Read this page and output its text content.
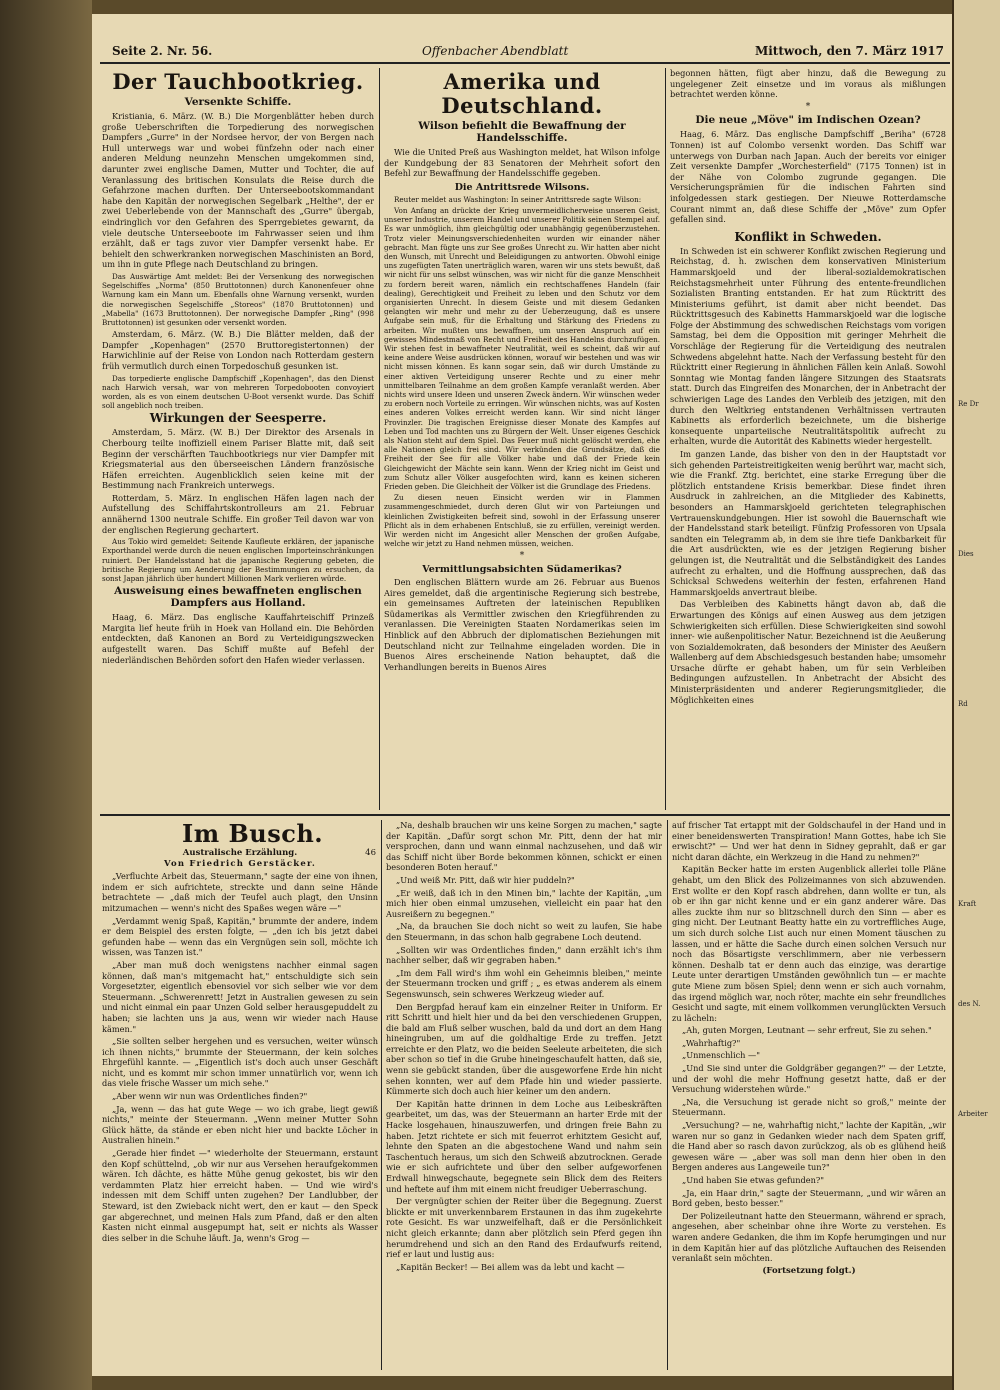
Seite 2. Nr. 56.	Offenbacher Abendblatt	Mittwoch, den 7. März 1917
Der Tauchbootkrieg.
Versenkte Schiffe.

Kristiania, 6. März. (W. B.) Die Morgenblätter heben durch große Ueberschriften die Torpedierung des norwegischen Dampfers „Gurre" in der Nordsee hervor, der von Bergen nach Hull unterwegs war und wobei fünfzehn oder nach einer anderen Meldung neunzehn Menschen umgekommen sind, darunter zwei englische Damen, Mutter und Tochter, die auf Veranlassung des britischen Konsulats die Reise durch die Gefahrzone machen durften. Der Unterseebootskommandant habe den Kapitän der norwegischen Segelbark „Helthe", der er zwei Ueberlebende von der Mannschaft des „Gurre" übergab, eindringlich vor den Gefahren des Sperrgebietes gewarnt, da viele deutsche Unterseeboote im Fahrwasser seien und ihm erzählt, daß er tags zuvor vier Dampfer versenkt habe. Er behielt den schwerkranken norwegischen Maschinisten an Bord, um ihn in gute Pflege nach Deutschland zu bringen.

Das Auswärtige Amt meldet: Bei der Versenkung des norwegischen Segelschiffes „Norma" (850 Bruttotonnen) durch Kanonenfeuer ohne Warnung kam ein Mann um. Ebenfalls ohne Warnung versenkt, wurden die norwegischen Segelschiffe „Storeos" (1870 Bruttotonnen) und „Mabella" (1673 Bruttotonnen). Der norwegische Dampfer „Ring" (998 Bruttotonnen) ist gesunken oder versenkt worden.

Amsterdam, 6. März. (W. B.) Die Blätter melden, daß der Dampfer „Kopenhagen" (2570 Bruttoregistertonnen) der Harwichlinie auf der Reise von London nach Rotterdam gestern früh vermutlich durch einen Torpedoschuß gesunken ist.

Das torpedierte englische Dampfschiff „Kopenhagen", das den Dienst nach Harwich versah, war von mehreren Torpedobooten convoyiert worden, als es von einem deutschen U-Boot versenkt wurde. Das Schiff soll angeblich noch treiben.

Wirkungen der Seesperre.

Amsterdam, 5. März. (W. B.) Der Direktor des Arsenals in Cherbourg teilte inoffiziell einem Pariser Blatte mit, daß seit Beginn der verschärften Tauchbootkriegs nur vier Dampfer mit Kriegsmaterial aus den überseeischen Ländern französische Häfen erreichten. Augenblicklich seien keine mit der Bestimmung nach Frankreich unterwegs.

Rotterdam, 5. März. In englischen Häfen lagen nach der Aufstellung des Schiffahrtskontrolleurs am 21. Februar annähernd 1300 neutrale Schiffe. Ein großer Teil davon war von der englischen Regierung gechartert.

Aus Tokio wird gemeldet: Seitende Kaufleute erklären, der japanische Exporthandel werde durch die neuen englischen Importeinschränkungen ruiniert. Der Handelsstand hat die japanische Regierung gebeten, die britische Regierung um Aenderung der Bestimmungen zu ersuchen, da sonst Japan jährlich über hundert Millionen Mark verlieren würde.

Ausweisung eines bewaffneten englischen Dampfers aus Holland.

Haag, 6. März. Das englische Kauffahrteischiff Prinzeß Margita lief heute früh in Hoek van Holland ein. Die Behörden entdeckten, daß Kanonen an Bord zu Verteidigungszwecken aufgestellt waren. Das Schiff mußte auf Befehl der niederländischen Behörden sofort den Hafen wieder verlassen.

Amerika und Deutschland.
Wilson befiehlt die Bewaffnung der Handelsschiffe.

Wie die United Preß aus Washington meldet, hat Wilson infolge der Kundgebung der 83 Senatoren der Mehrheit sofort den Befehl zur Bewaffnung der Handelsschiffe gegeben.

Die Antrittsrede Wilsons.

Reuter meldet aus Washington: In seiner Antrittsrede sagte Wilson:

Von Anfang an drückte der Krieg unvermeidlicherweise unseren Geist, unserer Industrie, unserem Handel und unserer Politik seinen Stempel auf. Es war unmöglich, ihm gleichgültig oder unabhängig gegenüberzustehen. Trotz vieler Meinungsverschiedenheiten wurden wir einander näher gebracht. Man fügte uns zur See großes Unrecht zu. Wir hatten aber nicht den Wunsch, mit Unrecht und Beleidigungen zu antworten. Obwohl einige uns zugefügten Taten unerträglich waren, waren wir uns stets bewußt, daß wir nicht für uns selbst wünschen, was wir nicht für die ganze Menschheit zu fordern bereit waren, nämlich ein rechtschaffenes Handeln (fair dealing), Gerechtigkeit und Freiheit zu leben und den Schutz vor dem organisierten Unrecht. In diesem Geiste und mit diesem Gedanken gelangten wir mehr und mehr zu der Ueberzeugung, daß es unsere Aufgabe sein muß, für die Erhaltung und Stärkung des Friedens zu arbeiten. Wir mußten uns bewaffnen, um unseren Anspruch auf ein gewisses Mindestmaß von Recht und Freiheit des Handelns durchzufügen. Wir stehen fest in bewaffneter Neutralität, weil es scheint, daß wir auf keine andere Weise ausdrücken können, worauf wir bestehen und was wir nicht missen können. Es kann sogar sein, daß wir durch Umstände zu einer aktiven Verteidigung unserer Rechte und zu einer mehr unmittelbaren Teilnahme an dem großen Kampfe veranlaßt werden. Aber nichts wird unsere Ideen und unseren Zweck ändern. Wir wünschen weder zu erobern noch Vorteile zu erringen. Wir wünschen nichts, was auf Kosten eines anderen Volkes erreicht werden kann. Wir sind nicht länger Provinzler. Die tragischen Ereignisse dieser Monate des Kampfes auf Leben und Tod machten uns zu Bürgern der Welt. Unser eigenes Geschick als Nation steht auf dem Spiel. Das Feuer muß nicht gelöscht werden, ehe alle Nationen gleich frei sind. Wir verkünden die Grundsätze, daß die Freiheit der See für alle Völker habe und daß der Friede kein Gleichgewicht der Mächte sein kann. Wenn der Krieg nicht im Geist und zum Schutz aller Völker ausgefochten wird, kann es keinen sicheren Frieden geben. Die Gleichheit der Völker ist die Grundlage des Friedens.

Zu diesen neuen Einsicht werden wir in Flammen zusammengeschmiedet, durch deren Glut wir von Parteiungen und kleinlichen Zwistigkeiten befreit sind, sowohl in der Erfassung unserer Pflicht als in dem erhabenen Entschluß, sie zu erfüllen, vereinigt werden. Wir werden nicht im Angesicht aller Menschen der großen Aufgabe, welche wir jetzt zu Hand nehmen müssen, weichen.

*
Vermittlungsabsichten Südamerikas?

Den englischen Blättern wurde am 26. Februar aus Buenos Aires gemeldet, daß die argentinische Regierung sich bestrebe, ein gemeinsames Auftreten der lateinischen Republiken Südamerikas als Vermittler zwischen den Kriegführenden zu veranlassen. Die Vereinigten Staaten Nordamerikas seien im Hinblick auf den Abbruch der diplomatischen Beziehungen mit Deutschland nicht zur Teilnahme eingeladen worden. Die in Buenos Aires erscheinende Nation behauptet, daß die Verhandlungen bereits in Buenos Aires

begonnen hätten, fügt aber hinzu, daß die Bewegung zu ungelegener Zeit einsetze und im voraus als mißlungen betrachtet werden könne.

*
Die neue „Möve" im Indischen Ozean?

Haag, 6. März. Das englische Dampfschiff „Beriha" (6728 Tonnen) ist auf Colombo versenkt worden. Das Schiff war unterwegs von Durban nach Japan. Auch der bereits vor einiger Zeit versenkte Dampfer „Worchesterfield" (7175 Tonnen) ist in der Nähe von Colombo zugrunde gegangen. Die Versicherungsprämien für die indischen Fahrten sind infolgedessen stark gestiegen. Der Nieuwe Rotterdamsche Courant nimmt an, daß diese Schiffe der „Möve" zum Opfer gefallen sind.

Konflikt in Schweden.

In Schweden ist ein schwerer Konflikt zwischen Regierung und Reichstag, d. h. zwischen dem konservativen Ministerium Hammarskjoeld und der liberal-sozialdemokratischen Reichstagsmehrheit unter Führung des entente-freundlichen Sozialisten Branting entstanden. Er hat zum Rücktritt des Ministeriums geführt, ist damit aber nicht beendet. Das Rücktrittsgesuch des Kabinetts Hammarskjoeld war die logische Folge der Abstimmung des schwedischen Reichstags vom vorigen Samstag, bei dem die Opposition mit geringer Mehrheit die Vorschläge der Regierung für die Verteidigung des neutralen Schwedens abgelehnt hatte. Nach der Verfassung besteht für den Rücktritt einer Regierung in ähnlichen Fällen kein Anlaß. Sowohl Sonntag wie Montag fanden längere Sitzungen des Staatsrats statt. Durch das Eingreifen des Monarchen, der in Anbetracht der schwierigen Lage des Landes den Verbleib des jetzigen, mit den durch den Weltkrieg entstandenen Verhältnissen vertrauten Kabinetts als erforderlich bezeichnete, um die bisherige konsequente unparteiische Neutralitätspolitik aufrecht zu erhalten, wurde die Autorität des Kabinetts wieder hergestellt.

Im ganzen Lande, das bisher von den in der Hauptstadt vor sich gehenden Parteistreitigkeiten wenig berührt war, macht sich, wie die Frankf. Ztg. berichtet, eine starke Erregung über die plötzlich entstandene Krisis bemerkbar. Diese findet ihren Ausdruck in zahlreichen, an die Mitglieder des Kabinetts, besonders an Hammarskjoeld gerichteten telegraphischen Vertrauenskundgebungen. Hier ist sowohl die Bauernschaft wie der Handelsstand stark beteiligt. Fünfzig Professoren von Upsala sandten ein Telegramm ab, in dem sie ihre tiefe Dankbarkeit für die Art ausdrückten, wie es der jetzigen Regierung bisher gelungen ist, die Neutralität und die Selbständigkeit des Landes aufrecht zu erhalten, und die Hoffnung aussprechen, daß das Schicksal Schwedens weiterhin der festen, erfahrenen Hand Hammarskjoelds anvertraut bleibe.

Das Verbleiben des Kabinetts hängt davon ab, daß die Erwartungen des Königs auf einen Ausweg aus dem jetzigen Schwierigkeiten sich erfüllen. Diese Schwierigkeiten sind sowohl inner- wie außenpolitischer Natur. Bezeichnend ist die Aeußerung von Sozialdemokraten, daß besonders der Minister des Aeußern Wallenberg auf dem Abschiedsgesuch bestanden habe; umsomehr Ursache dürfte er gehabt haben, um für sein Verbleiben Bedingungen aufzustellen. In Anbetracht der Absicht des Ministerpräsidenten und anderer Regierungsmitglieder, die Möglichkeiten eines

Im Busch.
Australische Erzählung.	46
Von Friedrich Gerstäcker.

„Verfluchte Arbeit das, Steuermann," sagte der eine von ihnen, indem er sich aufrichtete, streckte und dann seine Hände betrachtete — „daß mich der Teufel auch plagt, den Unsinn mitzumachen — wenn's nicht des Spaßes wegen wäre —"

„Verdammt wenig Spaß, Kapitän," brummte der andere, indem er dem Beispiel des ersten folgte, — „den ich bis jetzt dabei gefunden habe — wenn das ein Vergnügen sein soll, möchte ich wissen, was Tanzen ist."

„Aber man muß doch wenigstens nachher einmal sagen können, daß man's mitgemacht hat," entschuldigte sich sein Vorgesetzter, eigentlich ebensoviel vor sich selber wie vor dem Steuermann. „Schwerenrett! Jetzt in Australien gewesen zu sein und nicht einmal ein paar Unzen Gold selber herausgepuddelt zu haben; sie lachten uns ja aus, wenn wir wieder nach Hause kämen."

„Sie sollten selber hergehen und es versuchen, weiter wünsch ich ihnen nichts," brummte der Steuermann, der kein solches Ehrgefühl kannte. — „Eigentlich ist's doch auch unser Geschäft nicht, und es kommt mir schon immer unnatürlich vor, wenn ich das viele frische Wasser um mich sehe."

„Aber wenn wir nun was Ordentliches finden?"

„Ja, wenn — das hat gute Wege — wo ich grabe, liegt gewiß nichts," meinte der Steuermann. „Wenn meiner Mutter Sohn Glück hätte, da stände er eben nicht hier und backte Löcher in Australien hinein."

„Gerade hier findet —" wiederholte der Steuermann, erstaunt den Kopf schüttelnd, „ob wir nur aus Versehen heraufgekommen wären. Ich dächte, es hätte Mühe genug gekostet, bis wir den verdammten Platz hier erreicht haben. — Und wie wird's indessen mit dem Schiff unten zugehen? Der Landlubber, der Steward, ist den Zwieback nicht wert, den er kaut — den Speck gar abgerechnet, und meinen Hals zum Pfand, daß er den alten Kasten nicht einmal ausgepumpt hat, seit er nichts als Wasser dies selber in die Schuhe läuft. Ja, wenn's Grog —

„Na, deshalb brauchen wir uns keine Sorgen zu machen," sagte der Kapitän. „Dafür sorgt schon Mr. Pitt, denn der hat mir versprochen, dann und wann einmal nachzusehen, und daß wir das Schiff nicht über Borde bekommen können, schickt er einen besonderen Boten herauf."

„Und weiß Mr. Pitt, daß wir hier puddeln?"

„Er weiß, daß ich in den Minen bin," lachte der Kapitän, „um mich hier oben einmal umzusehen, vielleicht ein paar hat den Ausreißern zu begegnen."

„Na, da brauchen Sie doch nicht so weit zu laufen, Sie habe den Steuermann, in das schon halb gegrabene Loch deutend.

„Sollten wir was Ordentliches finden," dann erzählt ich's ihm nachher selber, daß wir gegraben haben."

„Im dem Fall wird's ihm wohl ein Geheimnis bleiben," meinte der Steuermann trocken und griff ; „ es etwas anderem als einem Segenswunsch, sein schweres Werkzeug wieder auf.

Den Bergpfad herauf kam ein einzelner Reiter in Uniform. Er ritt Schritt und hielt hier und da bei den verschiedenen Gruppen, die bald am Fluß selber wuschen, bald da und dort an dem Hang hineingruben, um auf die goldhaltige Erde zu treffen. Jetzt erreichte er den Platz, wo die beiden Seeleute arbeiteten, die sich aber schon so tief in die Grube hineingeschaufelt hatten, daß sie, wenn sie gebückt standen, über die ausgeworfene Erde hin nicht sehen konnten, wer auf dem Pfade hin und wieder passierte. Kümmerte sich doch auch hier keiner um den andern.

Der Kapitän hatte drinnen in dem Loche aus Leibeskräften gearbeitet, um das, was der Steuermann an harter Erde mit der Hacke losgehauen, hinauszuwerfen, und dringen freie Bahn zu haben. Jetzt richtete er sich mit feuerrot erhitztem Gesicht auf, lehnte den Spaten an die abgestochene Wand und nahm sein Taschentuch heraus, um sich den Schweiß abzutrocknen. Gerade wie er sich aufrichtete und über den selber aufgeworfenen Erdwall hinwegschaute, begegnete sein Blick dem des Reiters und heftete auf ihm mit einem nicht freudiger Ueberraschung.

Der vergnügter schien der Reiter über die Begegnung. Zuerst blickte er mit unverkennbarem Erstaunen in das ihm zugekehrte rote Gesicht. Es war unzweifelhaft, daß er die Persönlichkeit nicht gleich erkannte; dann aber plötzlich sein Pferd gegen ihn herumdrehend und sich an den Rand des Erdaufwurfs reitend, rief er laut und lustig aus:

„Kapitän Becker! — Bei allem was da lebt und kacht —

auf frischer Tat ertappt mit der Goldschaufel in der Hand und in einer beneidenswerten Transpiration! Mann Gottes, habe ich Sie erwischt?" — Und wer hat denn in Sidney geprahlt, daß er gar nicht daran dächte, ein Werkzeug in die Hand zu nehmen?"

Kapitän Becker hatte im ersten Augenblick allerlei tolle Pläne gehabt, um den Blick des Polizeimannes von sich abzuwenden. Erst wollte er den Kopf rasch abdrehen, dann wollte er tun, als ob er ihn gar nicht kenne und er ein ganz anderer wäre. Das alles zuckte ihm nur so blitzschnell durch den Sinn — aber es ging nicht. Der Leutnant Beatty hatte ein zu vortreffliches Auge, um sich durch solche List auch nur einen Moment täuschen zu lassen, und er hätte die Sache durch einen solchen Versuch nur noch das Bösartigste verschlimmern, aber nie verbessern können. Deshalb tat er denn auch das einzige, was derartige Leute unter derartigen Umständen gewöhnlich tun — er machte gute Miene zum bösen Spiel; denn wenn er sich auch vornahm, das irgend möglich war, noch röter, machte ein sehr freundliches Gesicht und sagte, mit einem vollkommen verunglückten Versuch zu lächeln:

„Ah, guten Morgen, Leutnant — sehr erfreut, Sie zu sehen."

„Wahrhaftig?"

„Unmenschlich —"

„Und Sie sind unter die Goldgräber gegangen?" — der Letzte, und der wohl die mehr Hoffnung gesetzt hatte, daß er der Versuchung widerstehen würde."

„Na, die Versuchung ist gerade nicht so groß," meinte der Steuermann.

„Versuchung? — ne, wahrhaftig nicht," lachte der Kapitän, „wir waren nur so ganz in Gedanken wieder nach dem Spaten griff, die Hand aber so rasch davon zurückzog, als ob es glühend heiß gewesen wäre — „aber was soll man denn hier oben in den Bergen anderes aus Langeweile tun?"

„Und haben Sie etwas gefunden?"

„Ja, ein Haar drin," sagte der Steuermann, „und wir wären an Bord geben, besto besser."

Der Polizeileutnant hatte den Steuermann, während er sprach, angesehen, aber scheinbar ohne ihre Worte zu verstehen. Es waren andere Gedanken, die ihm im Kopfe herumgingen und nur in dem Kapitän hier auf das plötzliche Auftauchen des Reisenden veranlaßt sein möchten.

(Fortsetzung folgt.)
Re Dr
Dies
Rd
Kraft
des N.
Arbeiter
